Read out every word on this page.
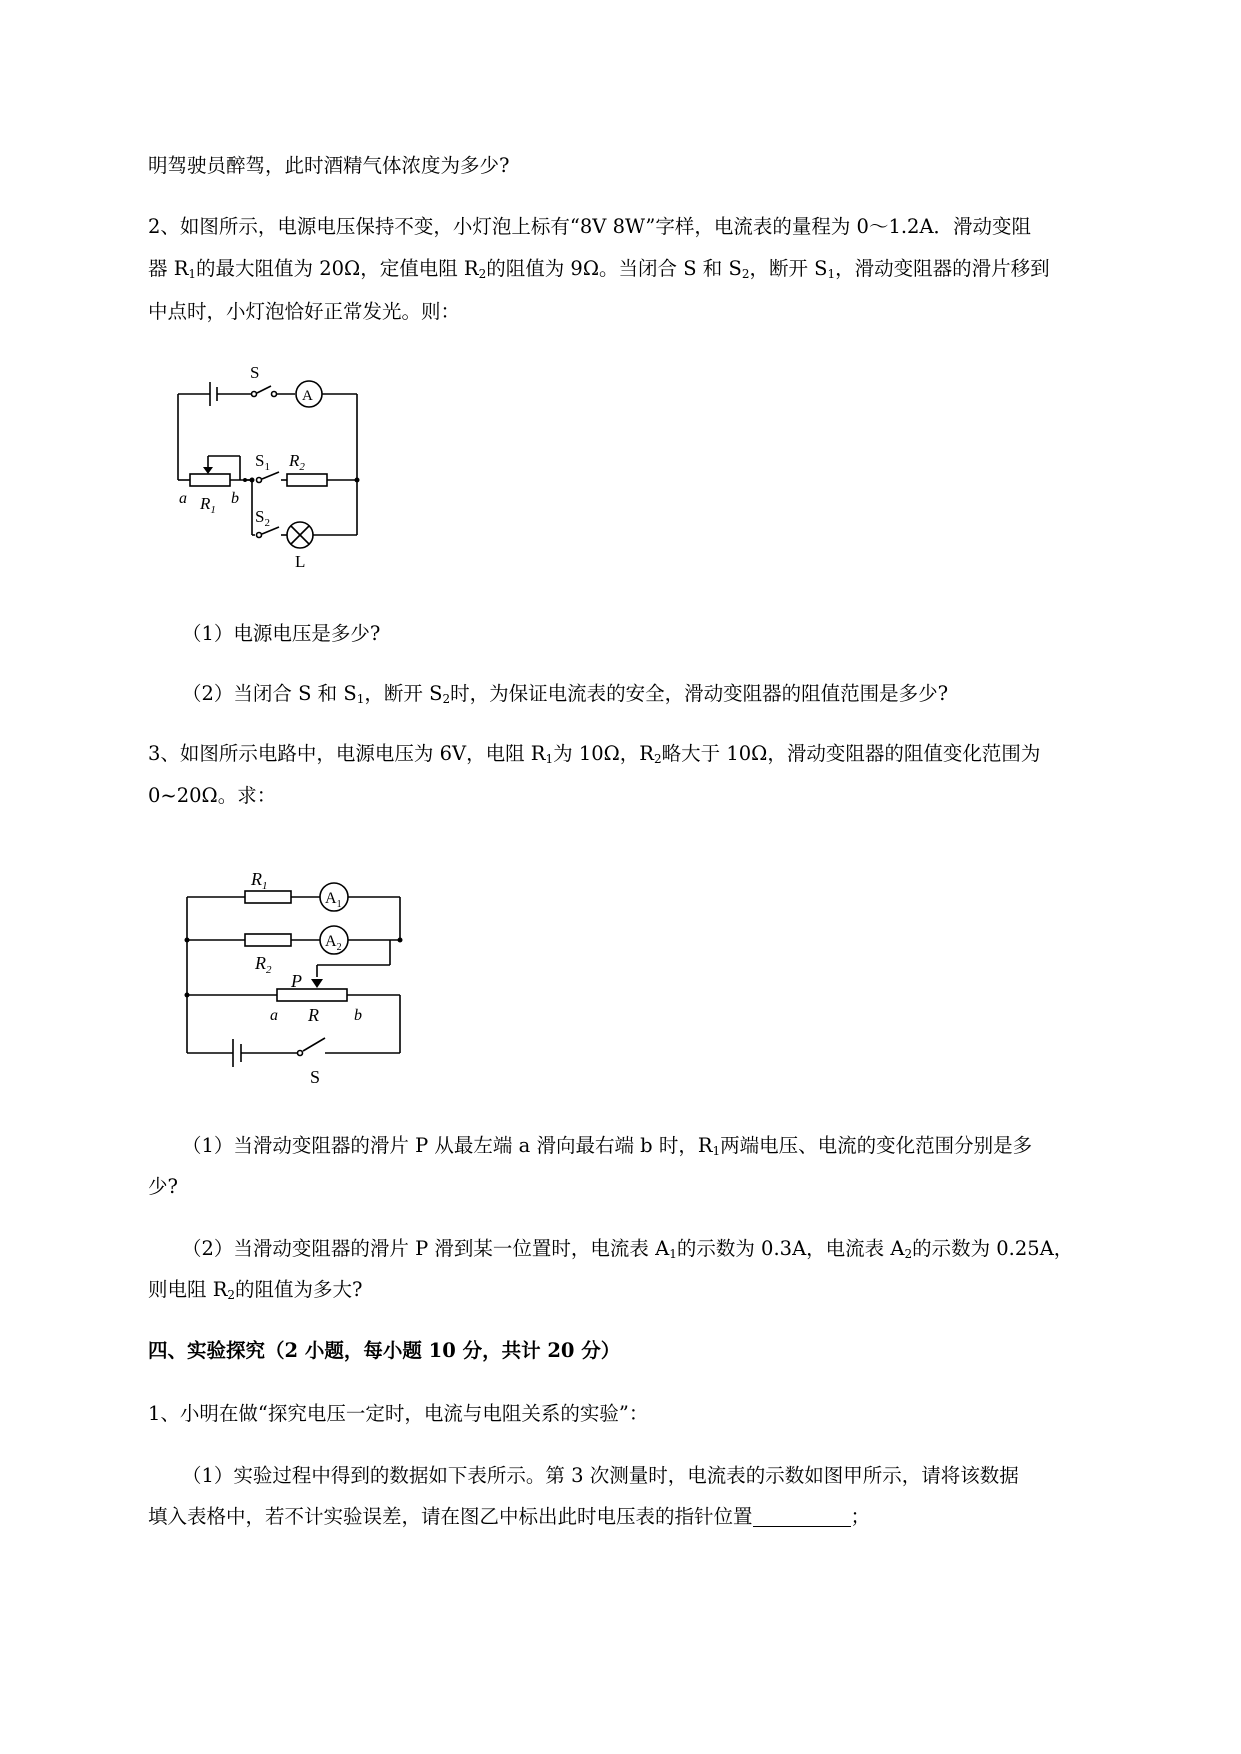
明驾驶员醉驾，此时酒精气体浓度为多少?
2、如图所示，电源电压保持不变，小灯泡上标有“8V 8W”字样，电流表的量程为 0～1.2A．滑动变阻
器 $R_1$的最大阻值为 20Ω，定值电阻 $R_2$的阻值为 9Ω。当闭合 S 和 $S_2$，断开 $S_1$，滑动变阻器的滑片移到
中点时，小灯泡恰好正常发光。则：
S
A
$S_1$ $R_2$
a $R_1$
b
$S_2$
L
（1）电源电压是多少?
（2）当闭合 S 和 $S_1$，断开 $S_2$时，为保证电流表的安全，滑动变阻器的阻值范围是多少?
3、如图所示电路中，电源电压为 6V，电阻 $R_1$为 10Ω，$R_2$略大于 10Ω，滑动变阻器的阻值变化范围为
0~20Ω。求：
$R_1$
$A_1$
$A_2$
$R_2$
P
a R b
S
（1）当滑动变阻器的滑片 P 从最左端 a 滑向最右端 b 时，$R_1$两端电压、电流的变化范围分别是多
少?
（2）当滑动变阻器的滑片 P 滑到某一位置时，电流表 $A_1$的示数为 0.3A，电流表 $A_2$的示数为 0.25A，
则电阻 $R_2$的阻值为多大?
四、实验探究（2 小题，每小题 10 分，共计 20 分）
1、小明在做“探究电压一定时，电流与电阻关系的实验”：
（1）实验过程中得到的数据如下表所示。第 3 次测量时，电流表的示数如图甲所示，请将该数据
填入表格中，若不计实验误差，请在图乙中标出此时电压表的指针位置	；
